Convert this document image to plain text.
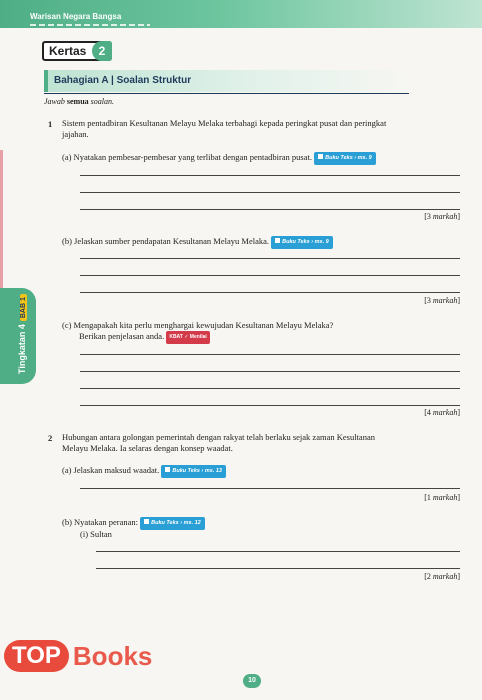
Warisan Negara Bangsa
Tingkatan 4BAB 1
Kertas	2
Bahagian A | Soalan Struktur
Jawab semua soalan.
1 Sistem pentadbiran Kesultanan Melayu Melaka terbahagi kepada peringkat pusat dan peringkat
jajahan.
(a) Nyatakan pembesar-pembesar yang terlibat dengan pentadbiran pusat. Buku Teks › ms. 9
[3 markah]
(b) Jelaskan sumber pendapatan Kesultanan Melayu Melaka. Buku Teks › ms. 9
[3 markah]
(c) Mengapakah kita perlu menghargai kewujudan Kesultanan Melayu Melaka?
Berikan penjelasan anda. KBAT ✓ Menilai
[4 markah]
2 Hubungan antara golongan pemerintah dengan rakyat telah berlaku sejak zaman Kesultanan
Melayu Melaka. Ia selaras dengan konsep waadat.
(a) Jelaskan maksud waadat. Buku Teks › ms. 13
[1 markah]
(b) Nyatakan peranan: Buku Teks › ms. 12
(i) Sultan
[2 markah]
TOP Books
10
